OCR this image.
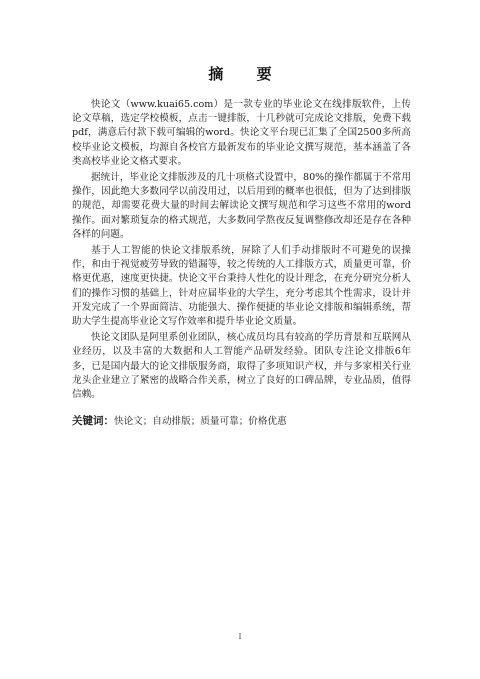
摘 要

快论文（www.kuai65.com）是一款专业的毕业论文在线排版软件，上传论文草稿，选定学校模板，点击一键排版，十几秒就可完成论文排版，免费下载pdf，满意后付款下载可编辑的word。快论文平台现已汇集了全国2500多所高校毕业论文模板，均源自各校官方最新发布的毕业论文撰写规范，基本涵盖了各类高校毕业论文格式要求。

据统计，毕业论文排版涉及的几十项格式设置中，80%的操作都属于不常用操作，因此绝大多数同学以前没用过，以后用到的概率也很低，但为了达到排版的规范，却需要花费大量的时间去解读论文撰写规范和学习这些不常用的word操作。面对繁琐复杂的格式规范，大多数同学熬夜反复调整修改却还是存在各种各样的问题。

基于人工智能的快论文排版系统，屏除了人们手动排版时不可避免的误操作，和由于视觉疲劳导致的错漏等，较之传统的人工排版方式，质量更可靠，价格更优惠，速度更快捷。快论文平台秉持人性化的设计理念，在充分研究分析人们的操作习惯的基础上，针对应届毕业的大学生，充分考虑其个性需求，设计并开发完成了一个界面简洁、功能强大、操作便捷的毕业论文排版和编辑系统，帮助大学生提高毕业论文写作效率和提升毕业论文质量。

快论文团队是阿里系创业团队，核心成员均具有较高的学历背景和互联网从业经历，以及丰富的大数据和人工智能产品研发经验。团队专注论文排版6年多，已是国内最大的论文排版服务商，取得了多项知识产权，并与多家相关行业龙头企业建立了紧密的战略合作关系，树立了良好的口碑品牌，专业品质，值得信赖。

关键词：快论文；自动排版；质量可靠；价格优惠
I
